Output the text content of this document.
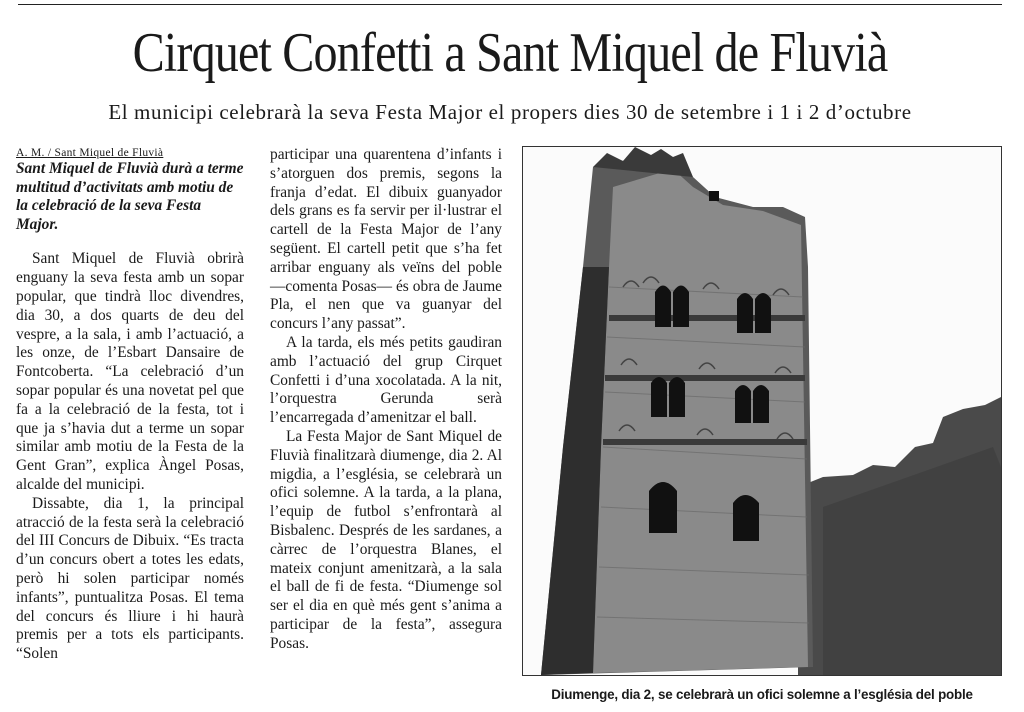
Cirquet Confetti a Sant Miquel de Fluvià
El municipi celebrarà la seva Festa Major el propers dies 30 de setembre i 1 i 2 d’octubre

A. M. / Sant Miquel de Fluvià

Sant Miquel de Fluvià durà a terme multitud d’activitats amb motiu de la celebració de la seva Festa Major.

Sant Miquel de Fluvià obrirà enguany la seva festa amb un sopar popular, que tindrà lloc divendres, dia 30, a dos quarts de deu del vespre, a la sala, i amb l’actuació, a les onze, de l’Esbart Dansaire de Fontcoberta. “La celebració d’un sopar popular és una novetat pel que fa a la celebració de la festa, tot i que ja s’havia dut a terme un sopar similar amb motiu de la Festa de la Gent Gran”, explica Àngel Posas, alcalde del municipi.

Dissabte, dia 1, la principal atracció de la festa serà la celebració del III Concurs de Dibuix. “Es tracta d’un concurs obert a totes les edats, però hi solen participar només infants”, puntualitza Posas. El tema del concurs és lliure i hi haurà premis per a tots els participants. “Solen

participar una quarentena d’infants i s’atorguen dos premis, segons la franja d’edat. El dibuix guanyador dels grans es fa servir per il·lustrar el cartell de la Festa Major de l’any següent. El cartell petit que s’ha fet arribar enguany als veïns del poble —comenta Posas— és obra de Jaume Pla, el nen que va guanyar del concurs l’any passat”.

A la tarda, els més petits gaudiran amb l’actuació del grup Cirquet Confetti i d’una xocolatada. A la nit, l’orquestra Gerunda serà l’encarregada d’amenitzar el ball.

La Festa Major de Sant Miquel de Fluvià finalitzarà diumenge, dia 2. Al migdia, a l’església, se celebrarà un ofici solemne. A la tarda, a la plana, l’equip de futbol s’enfrontarà al Bisbalenc. Després de les sardanes, a càrrec de l’orquestra Blanes, el mateix conjunt amenitzarà, a la sala el ball de fi de festa. “Diumenge sol ser el dia en què més gent s’anima a participar de la festa”, assegura Posas.

Diumenge, dia 2, se celebrarà un ofici solemne a l’església del poble
